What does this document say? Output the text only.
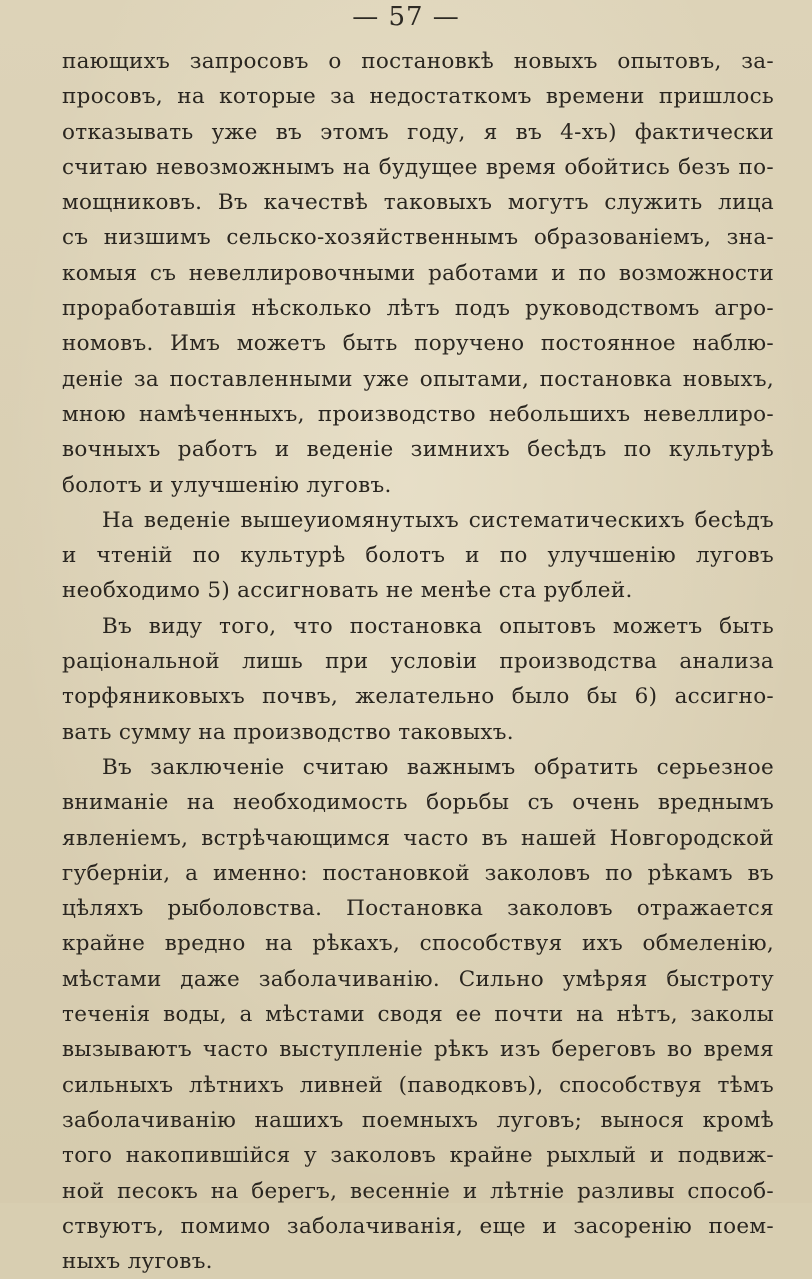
— 57 —
пающихъ запросовъ о постановкѣ новыхъ опытовъ, за-
просовъ, на которые за недостаткомъ времени пришлось
отказывать уже въ этомъ году, я въ 4-хъ) фактически
считаю невозможнымъ на будущее время обойтись безъ по-
мощниковъ. Въ качествѣ таковыхъ могутъ служить лица
съ низшимъ сельско-хозяйственнымъ образованіемъ, зна-
комыя съ невеллировочными работами и по возможности
проработавшія нѣсколько лѣтъ подъ руководствомъ агро-
номовъ. Имъ можетъ быть поручено постоянное наблю-
деніе за поставленными уже опытами, постановка новыхъ,
мною намѣченныхъ, производство небольшихъ невеллиро-
вочныхъ работъ и веденіе зимнихъ бесѣдъ по культурѣ
болотъ и улучшенію луговъ.
На веденіе вышеуиомянутыхъ систематическихъ бесѣдъ
и чтеній по культурѣ болотъ и по улучшенію луговъ
необходимо 5) ассигновать не менѣе ста рублей.
Въ виду того, что постановка опытовъ можетъ быть
раціональной лишь при условіи производства анализа
торфяниковыхъ почвъ, желательно было бы 6) ассигно-
вать сумму на производство таковыхъ.
Въ заключеніе считаю важнымъ обратить серьезное
вниманіе на необходимость борьбы съ очень вреднымъ
явленіемъ, встрѣчающимся часто въ нашей Новгородской
губерніи, а именно: постановкой заколовъ по рѣкамъ въ
цѣляхъ рыболовства. Постановка заколовъ отражается
крайне вредно на рѣкахъ, способствуя ихъ обмеленію,
мѣстами даже заболачиванію. Сильно умѣряя быстроту
теченія воды, а мѣстами сводя ее почти на нѣтъ, заколы
вызываютъ часто выступленіе рѣкъ изъ береговъ во время
сильныхъ лѣтнихъ ливней (паводковъ), способствуя тѣмъ
заболачиванію нашихъ поемныхъ луговъ; вынося кромѣ
того накопившійся у заколовъ крайне рыхлый и подвиж-
ной песокъ на берегъ, весенніе и лѣтніе разливы способ-
ствуютъ, помимо заболачиванія, еще и засоренію поем-
ныхъ луговъ.
